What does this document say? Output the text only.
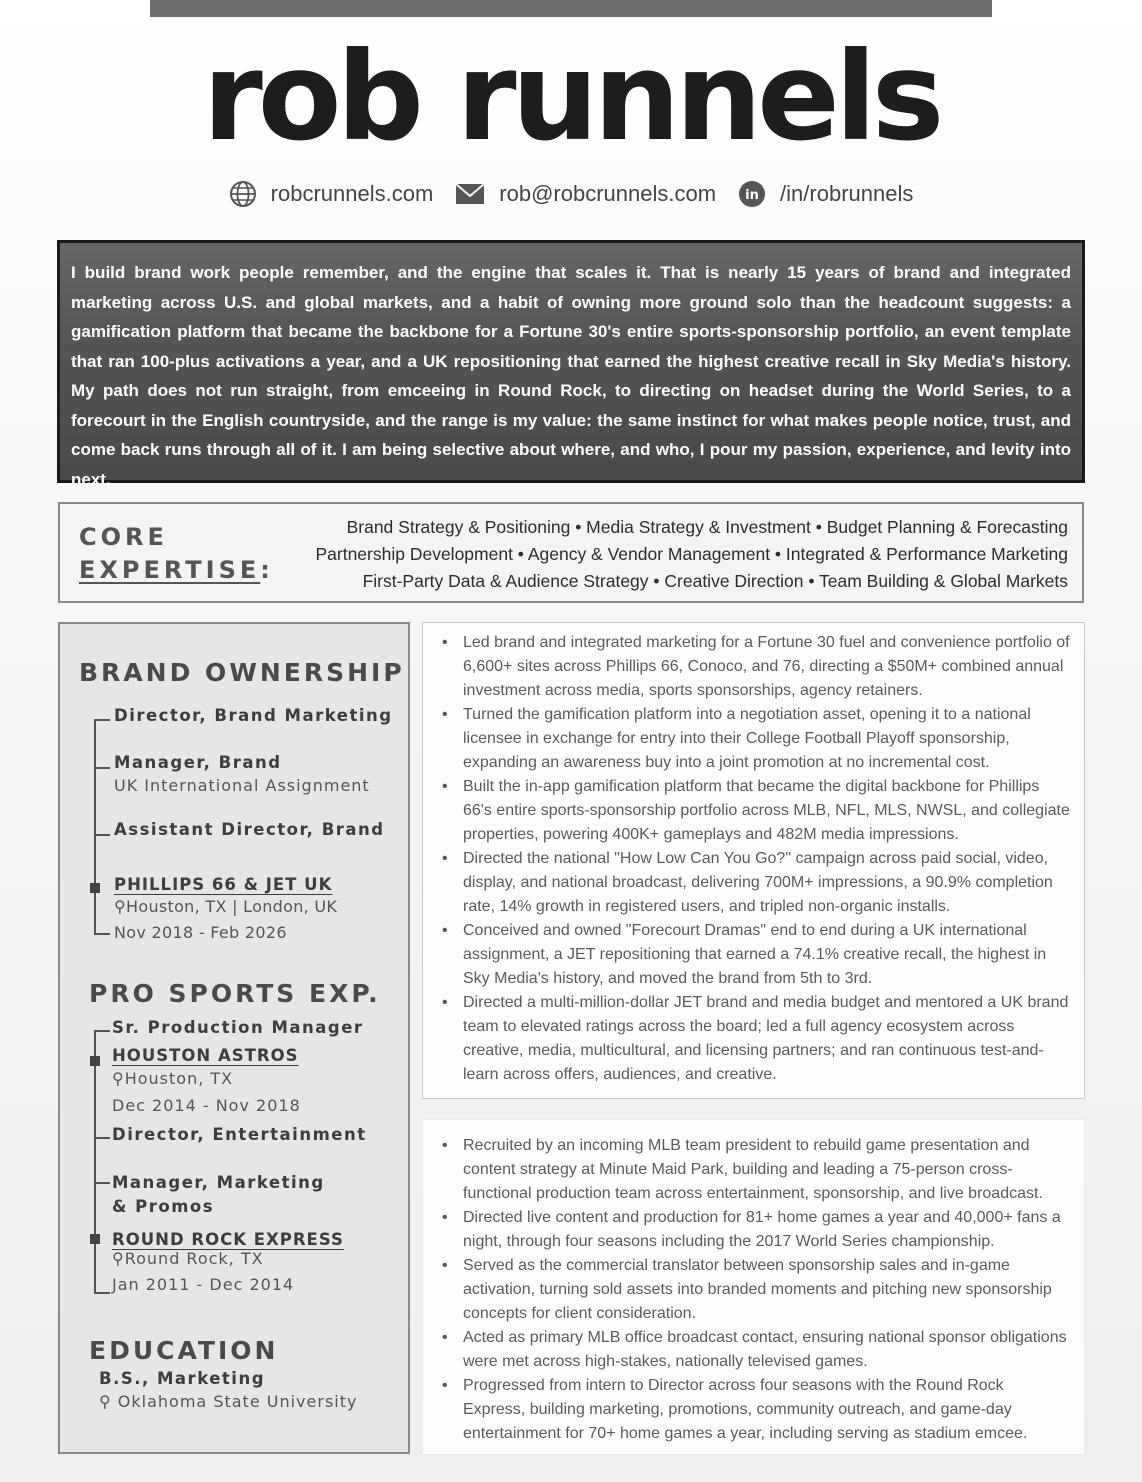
rob runnels
robcrunnels.com	rob@robcrunnels.com in /in/robrunnels

I build brand work people remember, and the engine that scales it. That is nearly 15 years of brand and integrated marketing across U.S. and global markets, and a habit of owning more ground solo than the headcount suggests: a gamification platform that became the backbone for a Fortune 30's entire sports-sponsorship portfolio, an event template that ran 100-plus activations a year, and a UK repositioning that earned the highest creative recall in Sky Media's history. My path does not run straight, from emceeing in Round Rock, to directing on headset during the World Series, to a forecourt in the English countryside, and the range is my value: the same instinct for what makes people notice, trust, and come back runs through all of it. I am being selective about where, and who, I pour my passion, experience, and levity into next.

CORE
EXPERTISE:
Brand Strategy & Positioning • Media Strategy & Investment • Budget Planning & Forecasting
Partnership Development • Agency & Vendor Management • Integrated & Performance Marketing
First-Party Data & Audience Strategy • Creative Direction • Team Building & Global Markets
BRAND OWNERSHIP
Director, Brand Marketing
Manager, Brand
UK International Assignment
Assistant Director, Brand
PHILLIPS 66 & JET UK
⚲Houston, TX | London, UK
Nov 2018 - Feb 2026
PRO SPORTS EXP.
Sr. Production Manager
HOUSTON ASTROS
⚲Houston, TX
Dec 2014 - Nov 2018
Director, Entertainment
Manager, Marketing
& Promos
ROUND ROCK EXPRESS
⚲Round Rock, TX
Jan 2011 - Dec 2014
EDUCATION
B.S., Marketing
⚲ Oklahoma State University
• Led brand and integrated marketing for a Fortune 30 fuel and convenience portfolio of 6,600+ sites across Phillips 66, Conoco, and 76, directing a $50M+ combined annual investment across media, sports sponsorships, agency retainers.
• Turned the gamification platform into a negotiation asset, opening it to a national licensee in exchange for entry into their College Football Playoff sponsorship, expanding an awareness buy into a joint promotion at no incremental cost.
• Built the in-app gamification platform that became the digital backbone for Phillips 66's entire sports-sponsorship portfolio across MLB, NFL, MLS, NWSL, and collegiate properties, powering 400K+ gameplays and 482M media impressions.
• Directed the national "How Low Can You Go?" campaign across paid social, video, display, and national broadcast, delivering 700M+ impressions, a 90.9% completion rate, 14% growth in registered users, and tripled non-organic installs.
• Conceived and owned "Forecourt Dramas" end to end during a UK international assignment, a JET repositioning that earned a 74.1% creative recall, the highest in Sky Media's history, and moved the brand from 5th to 3rd.
• Directed a multi-million-dollar JET brand and media budget and mentored a UK brand team to elevated ratings across the board; led a full agency ecosystem across creative, media, multicultural, and licensing partners; and ran continuous test-and-learn across offers, audiences, and creative.
• Recruited by an incoming MLB team president to rebuild game presentation and content strategy at Minute Maid Park, building and leading a 75-person cross-functional production team across entertainment, sponsorship, and live broadcast.
• Directed live content and production for 81+ home games a year and 40,000+ fans a night, through four seasons including the 2017 World Series championship.
• Served as the commercial translator between sponsorship sales and in-game activation, turning sold assets into branded moments and pitching new sponsorship concepts for client consideration.
• Acted as primary MLB office broadcast contact, ensuring national sponsor obligations were met across high-stakes, nationally televised games.
• Progressed from intern to Director across four seasons with the Round Rock Express, building marketing, promotions, community outreach, and game-day entertainment for 70+ home games a year, including serving as stadium emcee.
